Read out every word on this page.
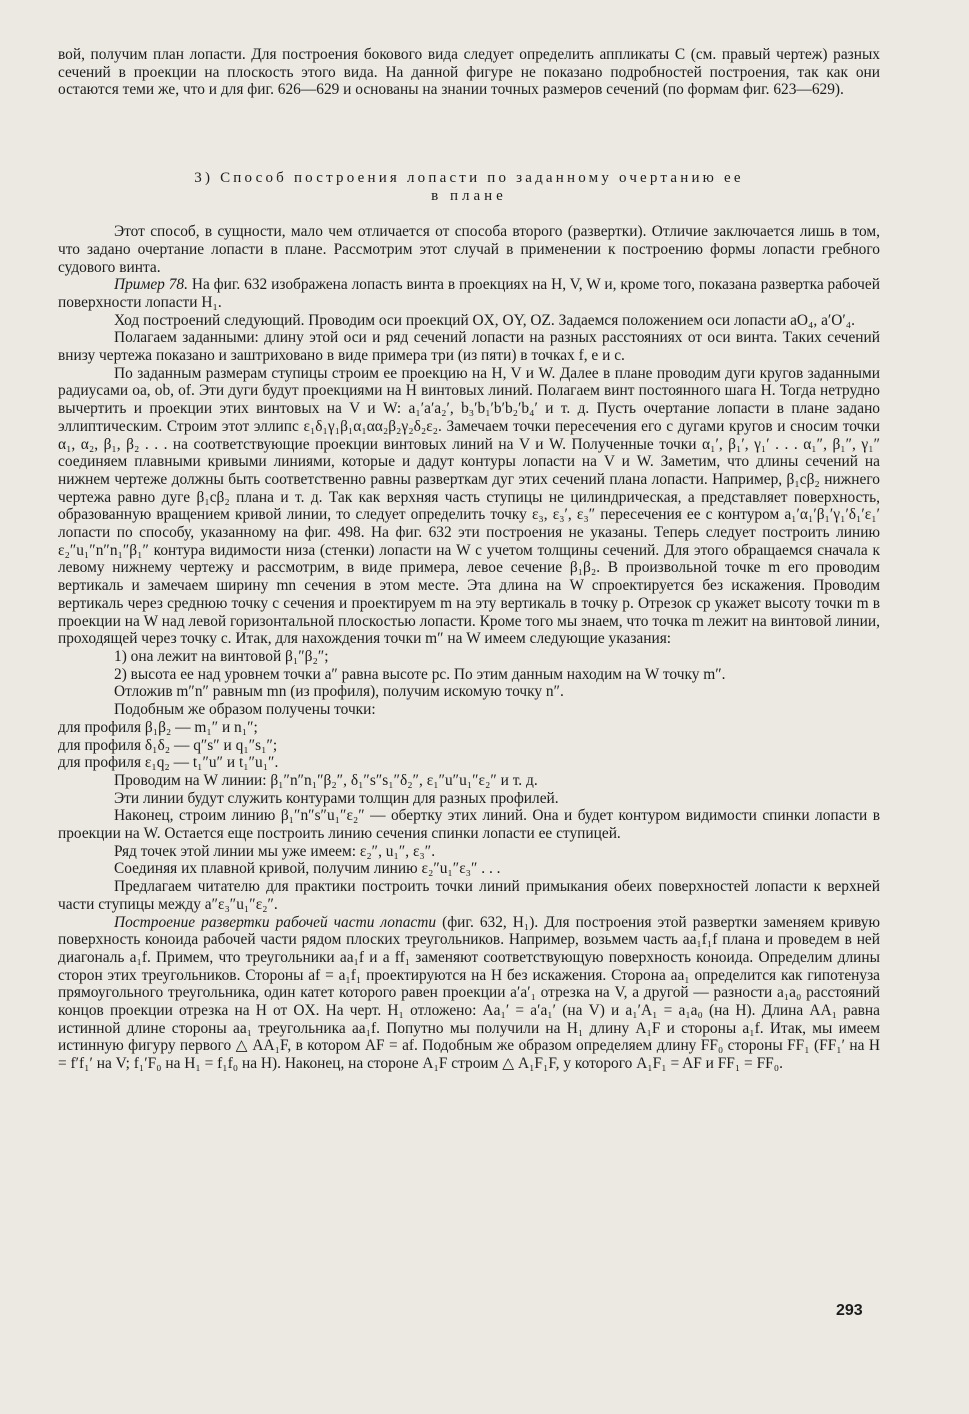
вой, получим план лопасти. Для построения бокового вида следует определить аппликаты C (см. правый чертеж) разных сечений в проекции на плоскость этого вида. На данной фигуре не показано подробностей построения, так как они остаются теми же, что и для фиг. 626—629 и основаны на знании точных размеров сечений (по формам фиг. 623—629).

3) Способ построения лопасти по заданному очертанию ее
в плане

Этот способ, в сущности, мало чем отличается от способа второго (развертки). Отличие заключается лишь в том, что задано очертание лопасти в плане. Рассмотрим этот случай в применении к построению формы лопасти гребного судового винта.

Пример 78. На фиг. 632 изображена лопасть винта в проекциях на H, V, W и, кроме того, показана развертка рабочей поверхности лопасти H₁.

Ход построений следующий. Проводим оси проекций OX, OY, OZ. Задаемся положением оси лопасти aO₄, a′O′₄.

Полагаем заданными: длину этой оси и ряд сечений лопасти на разных расстояниях от оси винта. Таких сечений внизу чертежа показано и заштриховано в виде примера три (из пяти) в точках f, e и c.

По заданным размерам ступицы строим ее проекцию на H, V и W. Далее в плане проводим дуги кругов заданными радиусами oa, ob, of. Эти дуги будут проекциями на H винтовых линий. Полагаем винт постоянного шага H. Тогда нетрудно вычертить и проекции этих винтовых на V и W: a₁′a′a₂′, b₃′b₁′b′b₂′b₄′ и т. д. Пусть очертание лопасти в плане задано эллиптическим. Строим этот эллипс ε₁δ₁γ₁β₁α₁αα₂β₂γ₂δ₂ε₂. Замечаем точки пересечения его с дугами кругов и сносим точки α₁, α₂, β₁, β₂ . . . на соответствующие проекции винтовых линий на V и W. Полученные точки α₁′, β₁′, γ₁′ . . . α₁″, β₁″, γ₁″ соединяем плавными кривыми линиями, которые и дадут контуры лопасти на V и W. Заметим, что длины сечений на нижнем чертеже должны быть соответственно равны разверткам дуг этих сечений плана лопасти. Например, β₁cβ₂ нижнего чертежа равно дуге β₁cβ₂ плана и т. д. Так как верхняя часть ступицы не цилиндрическая, а представляет поверхность, образованную вращением кривой линии, то следует определить точку ε₃, ε₃′, ε₃″ пересечения ее с контуром a₁′α₁′β₁′γ₁′δ₁′ε₁′ лопасти по способу, указанному на фиг. 498. На фиг. 632 эти построения не указаны. Теперь следует построить линию ε₂″u₁″n″n₁″β₁″ контура видимости низа (стенки) лопасти на W с учетом толщины сечений. Для этого обращаемся сначала к левому нижнему чертежу и рассмотрим, в виде примера, левое сечение β₁β₂. В произвольной точке m его проводим вертикаль и замечаем ширину mn сечения в этом месте. Эта длина на W спроектируется без искажения. Проводим вертикаль через среднюю точку c сечения и проектируем m на эту вертикаль в точку p. Отрезок cp укажет высоту точки m в проекции на W над левой горизонтальной плоскостью лопасти. Кроме того мы знаем, что точка m лежит на винтовой линии, проходящей через точку c. Итак, для нахождения точки m″ на W имеем следующие указания:

1) она лежит на винтовой β₁″β₂″;

2) высота ее над уровнем точки a″ равна высоте pc. По этим данным находим на W точку m″.

Отложив m″n″ равным mn (из профиля), получим искомую точку n″.

Подобным же образом получены точки:

для профиля β₁β₂ — m₁″ и n₁″;

для профиля δ₁δ₂ — q″s″ и q₁″s₁″;

для профиля ε₁q₂ — t₁″u″ и t₁″u₁″.

Проводим на W линии: β₁″n″n₁″β₂″, δ₁″s″s₁″δ₂″, ε₁″u″u₁″ε₂″ и т. д.

Эти линии будут служить контурами толщин для разных профилей.

Наконец, строим линию β₁″n″s″u₁″ε₂″ — обертку этих линий. Она и будет контуром видимости спинки лопасти в проекции на W. Остается еще построить линию сечения спинки лопасти ее ступицей.

Ряд точек этой линии мы уже имеем: ε₂″, u₁″, ε₃″.

Соединяя их плавной кривой, получим линию ε₂″u₁″ε₃″ . . .

Предлагаем читателю для практики построить точки линий примыкания обеих поверхностей лопасти к верхней части ступицы между a″ε₃″u₁″ε₂″.

Построение развертки рабочей части лопасти (фиг. 632, H₁). Для построения этой развертки заменяем кривую поверхность коноида рабочей части рядом плоских треугольников. Например, возьмем часть aa₁f₁f плана и проведем в ней диагональ a₁f. Примем, что треугольники aa₁f и a ff₁ заменяют соответствующую поверхность коноида. Определим длины сторон этих треугольников. Стороны af = a₁f₁ проектируются на H без искажения. Сторона aa₁ определится как гипотенуза прямоугольного треугольника, один катет которого равен проекции a′a′₁ отрезка на V, а другой — разности a₁a₀ расстояний концов проекции отрезка на H от OX. На черт. H₁ отложено: Aa₁′ = a′a₁′ (на V) и a₁′A₁ = a₁a₀ (на H). Длина AA₁ равна истинной длине стороны aa₁ треугольника aa₁f. Попутно мы получили на H₁ длину A₁F и стороны a₁f. Итак, мы имеем истинную фигуру первого △ AA₁F, в котором AF = af. Подобным же образом определяем длину FF₀ стороны FF₁ (FF₁′ на H = f′f₁′ на V; f₁′F₀ на H₁ = f₁f₀ на H). Наконец, на стороне A₁F строим △ A₁F₁F, у которого A₁F₁ = AF и FF₁ = FF₀.

293
